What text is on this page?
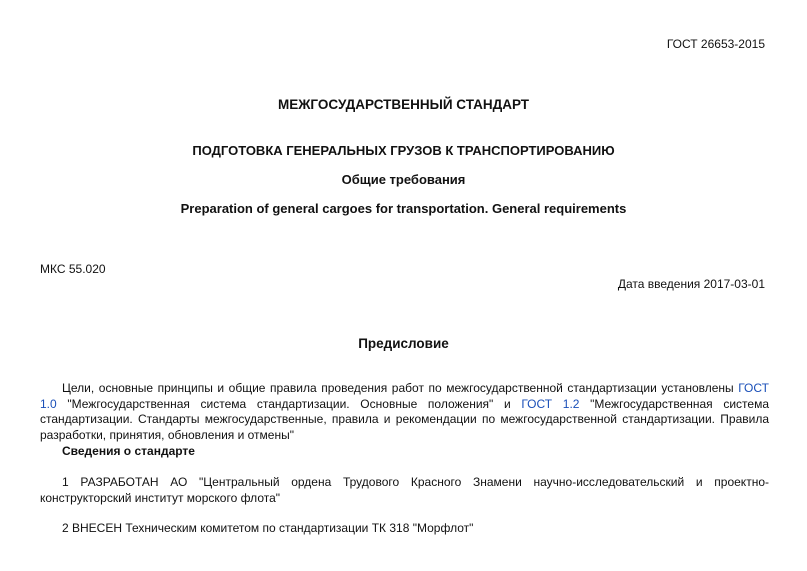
ГОСТ 26653-2015
МЕЖГОСУДАРСТВЕННЫЙ СТАНДАРТ
ПОДГОТОВКА ГЕНЕРАЛЬНЫХ ГРУЗОВ К ТРАНСПОРТИРОВАНИЮ
Общие требования
Preparation of general cargoes for transportation. General requirements
МКС 55.020
Дата введения 2017-03-01
Предисловие
Цели, основные принципы и общие правила проведения работ по межгосударственной стандартизации установлены ГОСТ 1.0 "Межгосударственная система стандартизации. Основные положения" и ГОСТ 1.2 "Межгосударственная система стандартизации. Стандарты межгосударственные, правила и рекомендации по межгосударственной стандартизации. Правила разработки, принятия, обновления и отмены"
Сведения о стандарте
1 РАЗРАБОТАН АО "Центральный ордена Трудового Красного Знамени научно-исследовательский и проектно-конструкторский институт морского флота"
2 ВНЕСЕН Техническим комитетом по стандартизации ТК 318 "Морфлот"
